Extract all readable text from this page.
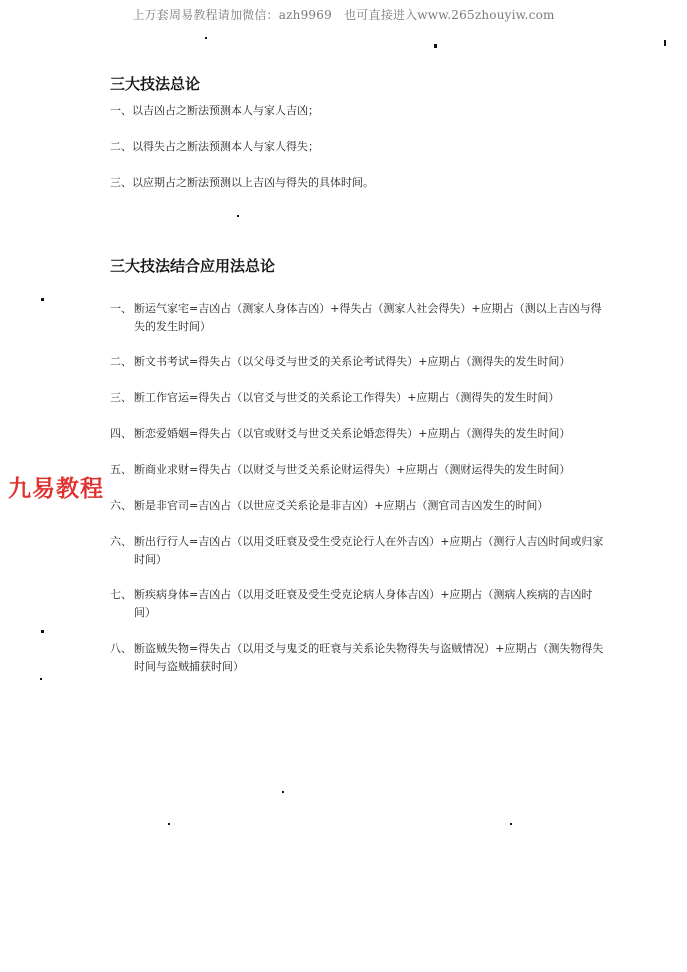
上万套周易教程请加微信：azh9969　也可直接进入www.265zhouyiw.com
三大技法总论
一、以吉凶占之断法预测本人与家人吉凶；
二、以得失占之断法预测本人与家人得失；
三、以应期占之断法预测以上吉凶与得失的具体时间。
三大技法结合应用法总论
一、 断运气家宅=吉凶占（测家人身体吉凶）+得失占（测家人社会得失）+应期占（测以上吉凶与得失的发生时间）
二、 断文书考试=得失占（以父母爻与世爻的关系论考试得失）+应期占（测得失的发生时间）
三、 断工作官运=得失占（以官爻与世爻的关系论工作得失）+应期占（测得失的发生时间）
四、 断恋爱婚姻=得失占（以官或财爻与世爻关系论婚恋得失）+应期占（测得失的发生时间）
五、 断商业求财=得失占（以财爻与世爻关系论财运得失）+应期占（测财运得失的发生时间）
六、 断是非官司=吉凶占（以世应爻关系论是非吉凶）+应期占（测官司吉凶发生的时间）
六、 断出行行人=吉凶占（以用爻旺衰及受生受克论行人在外吉凶）+应期占（测行人吉凶时间或归家时间）
七、 断疾病身体=吉凶占（以用爻旺衰及受生受克论病人身体吉凶）+应期占（测病人疾病的吉凶时间）
八、 断盗贼失物=得失占（以用爻与鬼爻的旺衰与关系论失物得失与盗贼情况）+应期占（测失物得失时间与盗贼捕获时间）
九易教程
